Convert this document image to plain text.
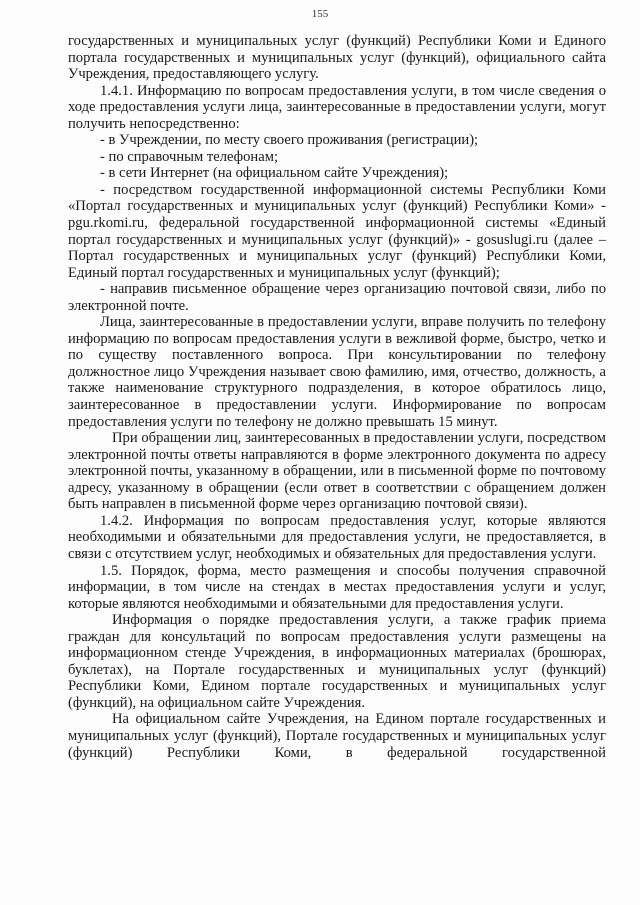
155

государственных и муниципальных услуг (функций) Республики Коми и Единого портала государственных и муниципальных услуг (функций), официального сайта Учреждения, предоставляющего услугу.

1.4.1. Информацию по вопросам предоставления услуги, в том числе сведения о ходе предоставления услуги лица, заинтересованные в предоставлении услуги, могут получить непосредственно:

- в Учреждении, по месту своего проживания (регистрации);

- по справочным телефонам;

- в сети Интернет (на официальном сайте Учреждения);

- посредством государственной информационной системы Республики Коми «Портал государственных и муниципальных услуг (функций) Республики Коми» - pgu.rkomi.ru, федеральной государственной информационной системы «Единый портал государственных и муниципальных услуг (функций)» - gosuslugi.ru (далее – Портал государственных и муниципальных услуг (функций) Республики Коми, Единый портал государственных и муниципальных услуг (функций);

- направив письменное обращение через организацию почтовой связи, либо по электронной почте.

Лица, заинтересованные в предоставлении услуги, вправе получить по телефону информацию по вопросам предоставления услуги в вежливой форме, быстро, четко и по существу поставленного вопроса. При консультировании по телефону должностное лицо Учреждения называет свою фамилию, имя, отчество, должность, а также наименование структурного подразделения, в которое обратилось лицо, заинтересованное в предоставлении услуги. Информирование по вопросам предоставления услуги по телефону не должно превышать 15 минут.

При обращении лиц, заинтересованных в предоставлении услуги, посредством электронной почты ответы направляются в форме электронного документа по адресу электронной почты, указанному в обращении, или в письменной форме по почтовому адресу, указанному в обращении (если ответ в соответствии с обращением должен быть направлен в письменной форме через организацию почтовой связи).

1.4.2. Информация по вопросам предоставления услуг, которые являются необходимыми и обязательными для предоставления услуги, не предоставляется, в связи с отсутствием услуг, необходимых и обязательных для предоставления услуги.

1.5. Порядок, форма, место размещения и способы получения справочной информации, в том числе на стендах в местах предоставления услуги и услуг, которые являются необходимыми и обязательными для предоставления услуги.

Информация о порядке предоставления услуги, а также график приема граждан для консультаций по вопросам предоставления услуги размещены на информационном стенде Учреждения, в информационных материалах (брошюрах, буклетах), на Портале государственных и муниципальных услуг (функций) Республики Коми, Едином портале государственных и муниципальных услуг (функций), на официальном сайте Учреждения.

На официальном сайте Учреждения, на Едином портале государственных и муниципальных услуг (функций), Портале государственных и муниципальных услуг (функций) Республики Коми, в федеральной государственной
